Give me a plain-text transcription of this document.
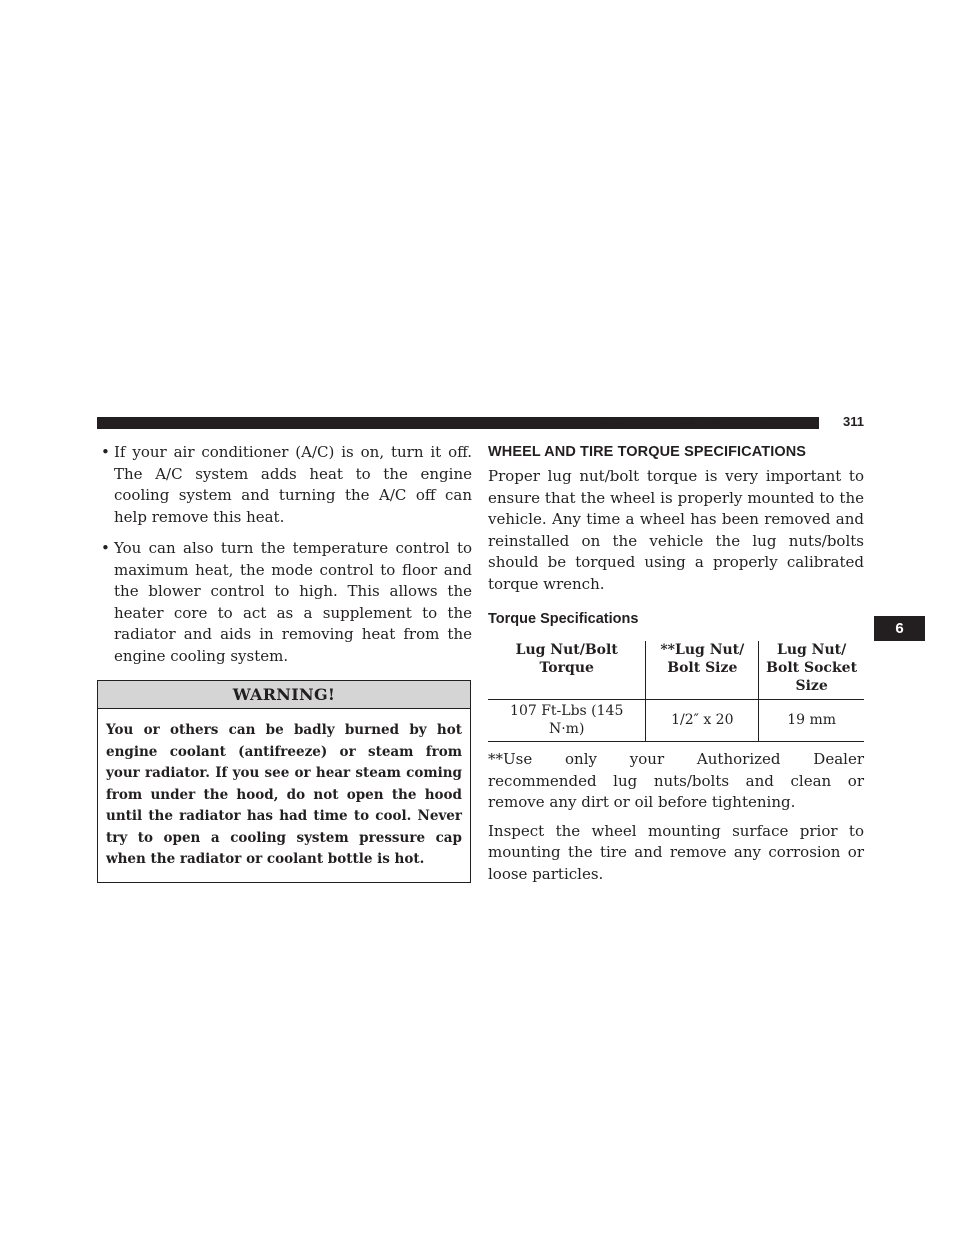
WHAT TO DO IN EMERGENCIES	311
• If your air conditioner (A/C) is on, turn it off. The A/C system adds heat to the engine cooling system and turning the A/C off can help remove this heat.

• You can also turn the temperature control to maximum heat, the mode control to floor and the blower control to high. This allows the heater core to act as a supplement to the radiator and aids in removing heat from the engine cooling system.

WARNING!
You or others can be badly burned by hot engine coolant (antifreeze) or steam from your radiator. If you see or hear steam coming from under the hood, do not open the hood until the radiator has had time to cool. Never try to open a cooling system pressure cap when the radiator or coolant bottle is hot.
WHEEL AND TIRE TORQUE SPECIFICATIONS

Proper lug nut/bolt torque is very important to ensure that the wheel is properly mounted to the vehicle. Any time a wheel has been removed and reinstalled on the vehicle the lug nuts/bolts should be torqued using a properly calibrated torque wrench.

Torque Specifications
Lug Nut/Bolt Torque	**Lug Nut/ Bolt Size	Lug Nut/ Bolt Socket Size
107 Ft-Lbs (145 N·m)	1/2″ x 20	19 mm

**Use only your Authorized Dealer recommended lug nuts/bolts and clean or remove any dirt or oil before tightening.

Inspect the wheel mounting surface prior to mounting the tire and remove any corrosion or loose particles.

6
